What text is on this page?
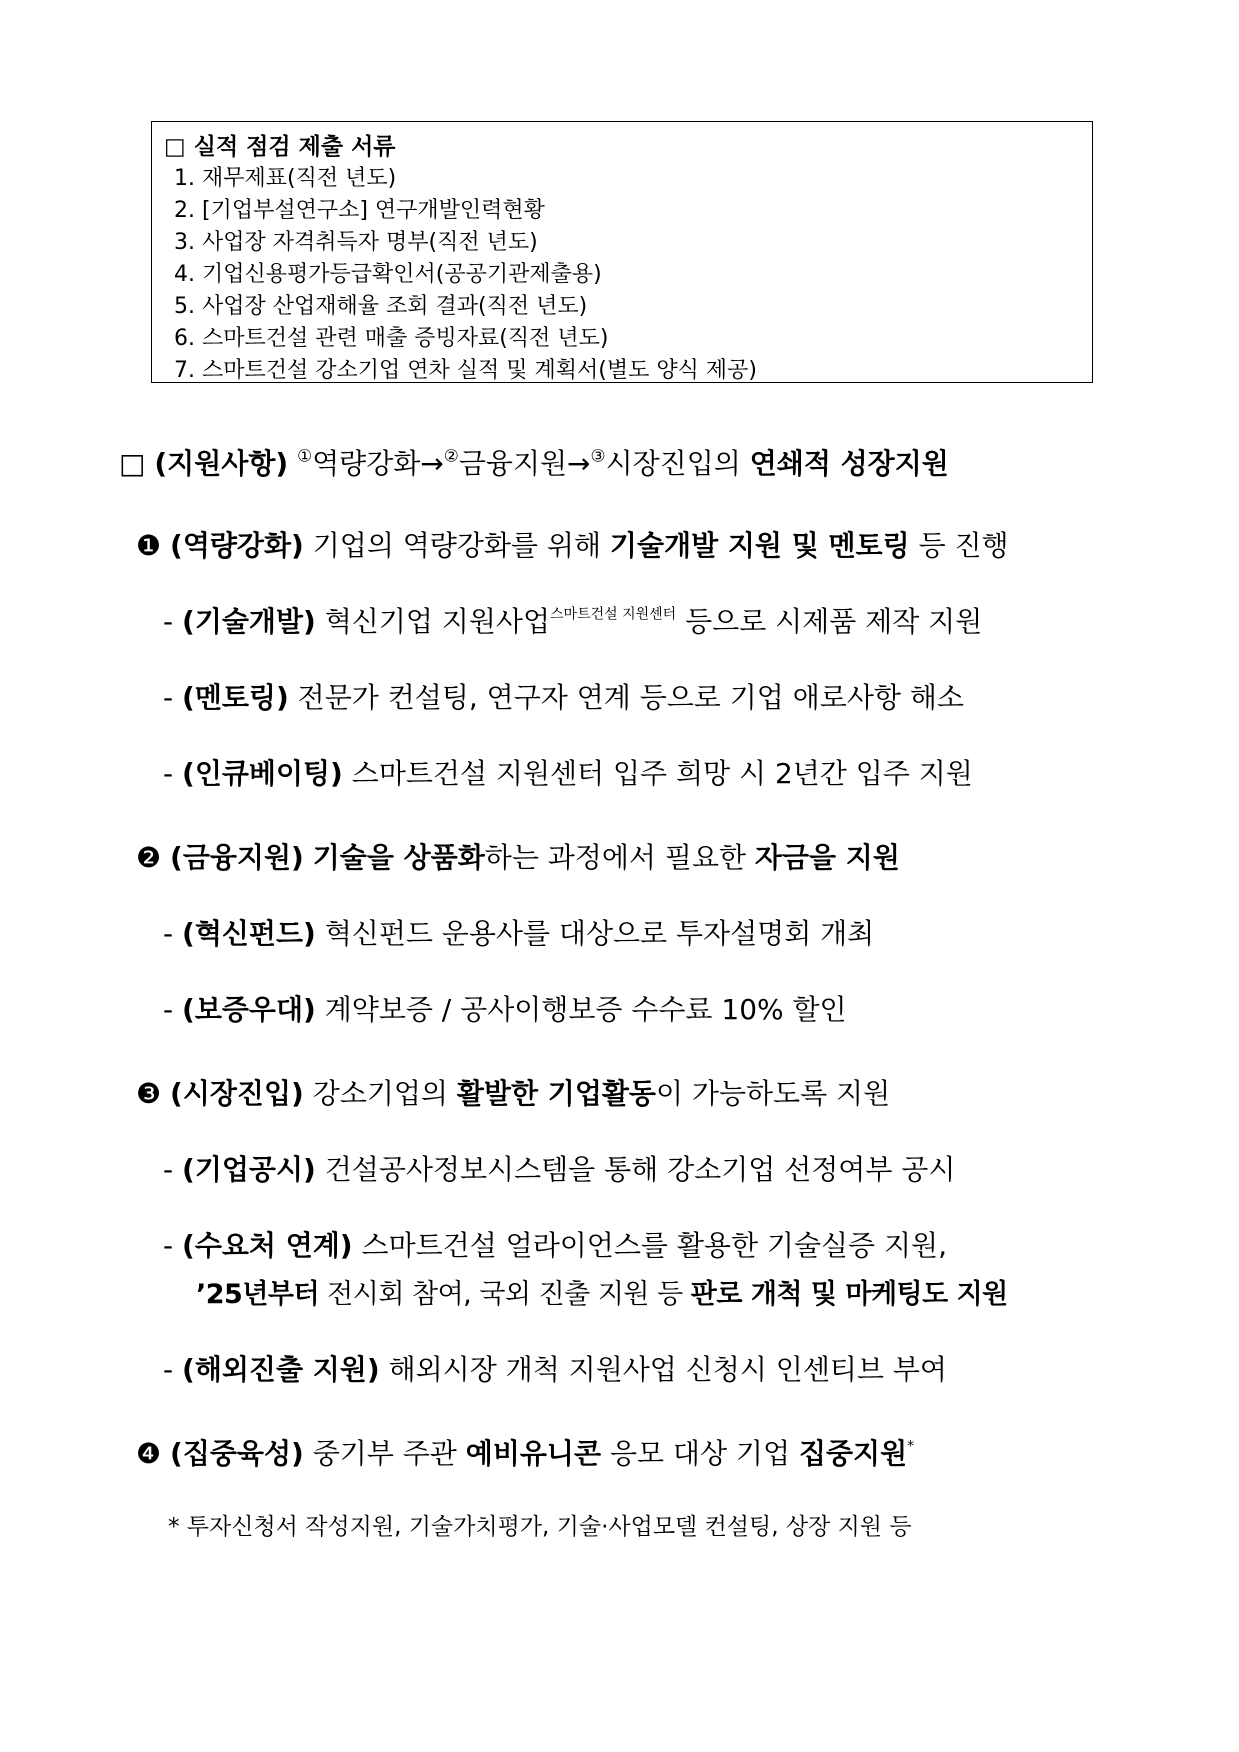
□ 실적 점검 제출 서류
1. 재무제표(직전 년도)
2. [기업부설연구소] 연구개발인력현황
3. 사업장 자격취득자 명부(직전 년도)
4. 기업신용평가등급확인서(공공기관제출용)
5. 사업장 산업재해율 조회 결과(직전 년도)
6. 스마트건설 관련 매출 증빙자료(직전 년도)
7. 스마트건설 강소기업 연차 실적 및 계획서(별도 양식 제공)
□ (지원사항) ①역량강화→②금융지원→③시장진입의 연쇄적 성장지원
❶ (역량강화) 기업의 역량강화를 위해 기술개발 지원 및 멘토링 등 진행
- (기술개발) 혁신기업 지원사업$^{스마트건설 지원센터}$ 등으로 시제품 제작 지원
- (멘토링) 전문가 컨설팅, 연구자 연계 등으로 기업 애로사항 해소
- (인큐베이팅) 스마트건설 지원센터 입주 희망 시 2년간 입주 지원
❷ (금융지원) 기술을 상품화하는 과정에서 필요한 자금을 지원
- (혁신펀드) 혁신펀드 운용사를 대상으로 투자설명회 개최
- (보증우대) 계약보증 / 공사이행보증 수수료 10% 할인
❸ (시장진입) 강소기업의 활발한 기업활동이 가능하도록 지원
- (기업공시) 건설공사정보시스템을 통해 강소기업 선정여부 공시
- (수요처 연계) 스마트건설 얼라이언스를 활용한 기술실증 지원,
’25년부터 전시회 참여, 국외 진출 지원 등 판로 개척 및 마케팅도 지원
- (해외진출 지원) 해외시장 개척 지원사업 신청시 인센티브 부여
❹ (집중육성) 중기부 주관 예비유니콘 응모 대상 기업 집중지원*
* 투자신청서 작성지원, 기술가치평가, 기술·사업모델 컨설팅, 상장 지원 등
